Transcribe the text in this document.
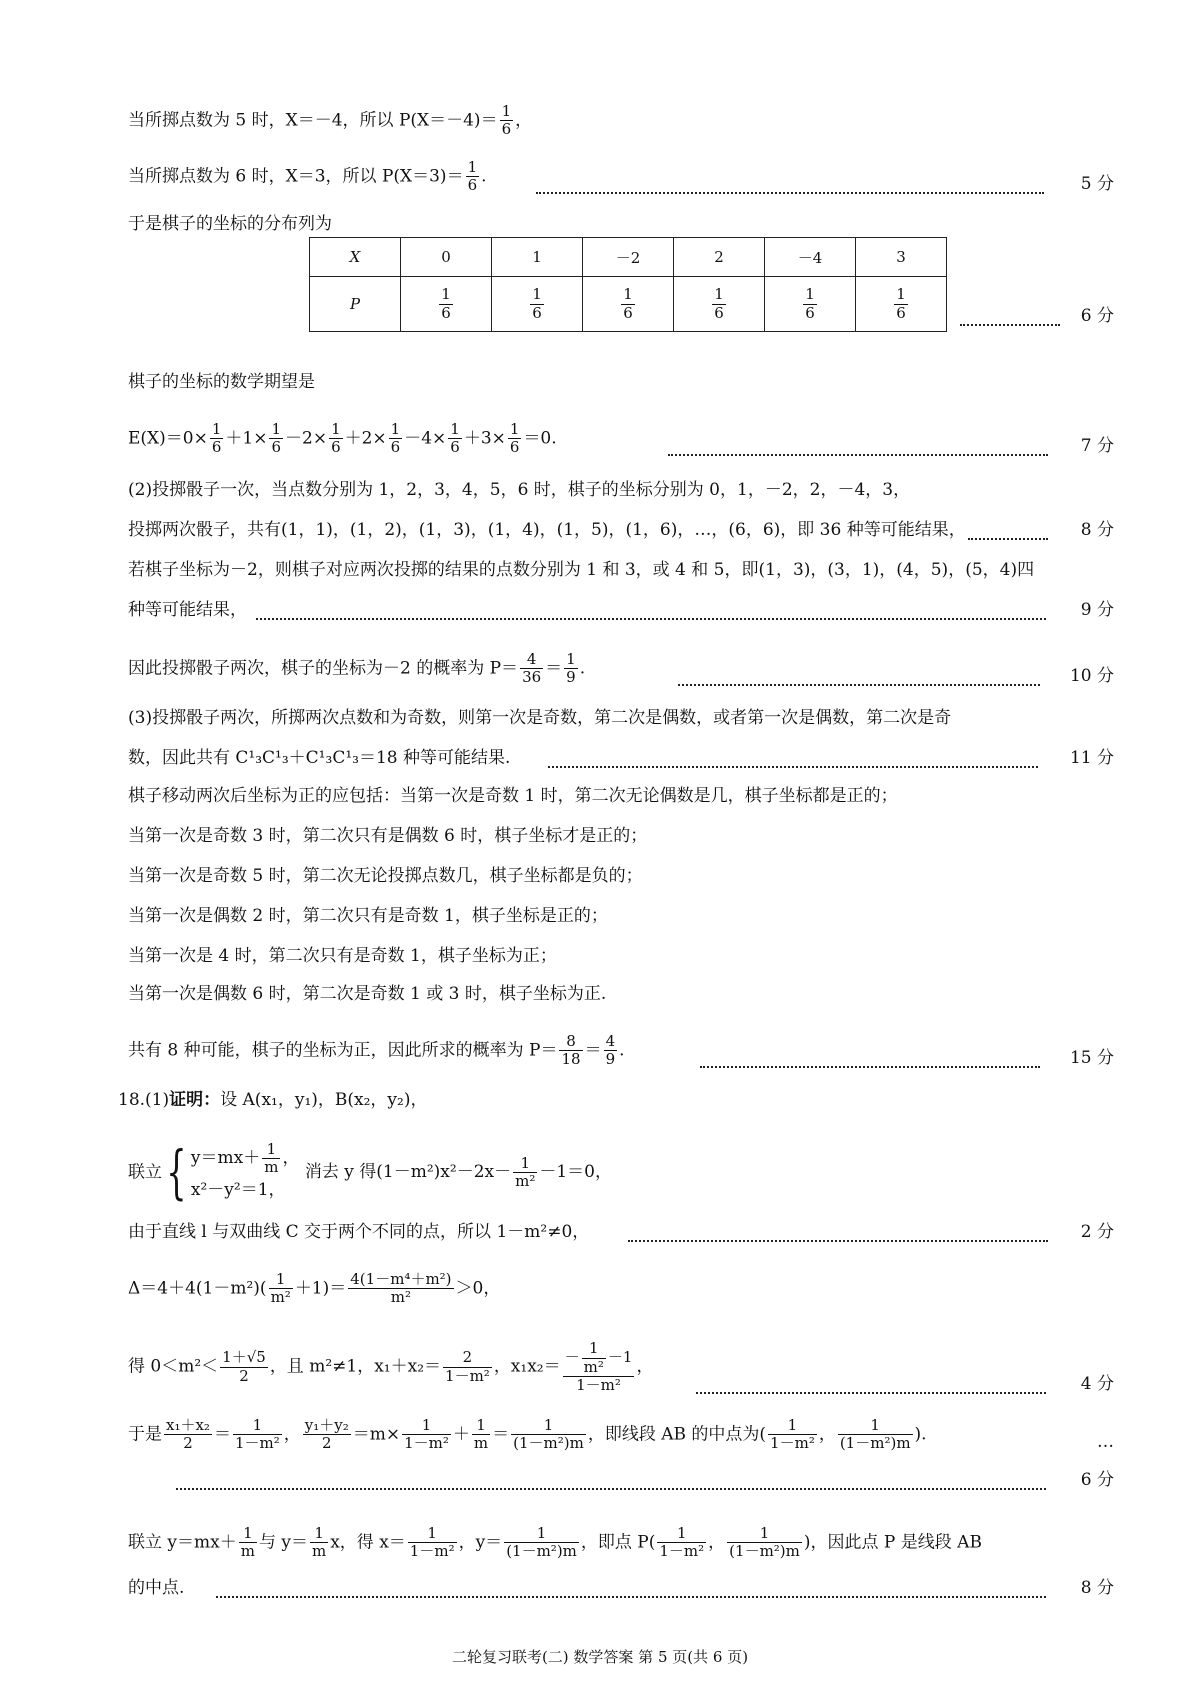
当所掷点数为 5 时，X＝－4，所以 $P(X=-4)= \frac{1}{6}$ ，
当所掷点数为 6 时，X＝3，所以 $P(X=3)= \frac{1}{6}$ .	5 分
于是棋子的坐标的分布列为
X	0	1	－2	2	－4	3
P	$\frac{1}{6}$	$\frac{1}{6}$	$\frac{1}{6}$	$\frac{1}{6}$	$\frac{1}{6}$	$\frac{1}{6}$	6 分
棋子的坐标的数学期望是
$E(X)=0\times \frac{1}{6} +1\times \frac{1}{6} -2\times \frac{1}{6} +2\times \frac{1}{6} -4\times \frac{1}{6} +3\times \frac{1}{6} =0$.	7 分
(2)投掷骰子一次，当点数分别为 1，2，3，4，5，6 时，棋子的坐标分别为 0，1，－2，2，－4，3，
投掷两次骰子，共有(1，1)，(1，2)，(1，3)，(1，4)，(1，5)，(1，6)，…，(6，6)，即 36 种等可能结果，	8 分
若棋子坐标为－2，则棋子对应两次投掷的结果的点数分别为 1 和 3，或 4 和 5，即(1，3)，(3，1)，(4，5)，(5，4)四
种等可能结果，	9 分
因此投掷骰子两次，棋子的坐标为－2 的概率为 $P= \frac{4}{36} = \frac{1}{9}$ .	10 分
(3)投掷骰子两次，所掷两次点数和为奇数，则第一次是奇数，第二次是偶数，或者第一次是偶数，第二次是奇
数，因此共有 C¹₃C¹₃＋C¹₃C¹₃＝18 种等可能结果.	11 分
棋子移动两次后坐标为正的应包括：当第一次是奇数 1 时，第二次无论偶数是几，棋子坐标都是正的；
当第一次是奇数 3 时，第二次只有是偶数 6 时，棋子坐标才是正的；
当第一次是奇数 5 时，第二次无论投掷点数几，棋子坐标都是负的；
当第一次是偶数 2 时，第二次只有是奇数 1，棋子坐标是正的；
当第一次是 4 时，第二次只有是奇数 1，棋子坐标为正；
当第一次是偶数 6 时，第二次是奇数 1 或 3 时，棋子坐标为正.
共有 8 种可能，棋子的坐标为正，因此所求的概率为 $P= \frac{8}{18} = \frac{4}{9}$ .	15 分
18.(1)证明：设 A(x₁，y₁)，B(x₂，y₂)，
联立{ $y=mx+ \frac{1}{m}$ ，
x²－y²＝1， 消去 y 得$(1-m^2)x^2-2x- \frac{1}{\text{m²}} -1=0$，
由于直线 l 与双曲线 C 交于两个不同的点，所以 1－m²≠0，	2 分
$\Delta=4+4(1-m^2)( \frac{1}{\text{m²}} +1)= \frac{\text{4(1－m⁴＋m²)}}{\text{m²}} >0$，
得 $0<m^2< \frac{1+√5}{2}$ ，且 m²≠1，$x_1+x_2= \frac{2}{\text{1－m²}}$ ，$x_1x_2= \frac{- \frac{1}{\text{m²}} -1}{\text{1－m²}}$ ，
4 分
于是 $\frac{\text{x₁＋x₂}}{2} = \frac{1}{\text{1－m²}}$ ， $\frac{\text{y₁＋y₂}}{2} =m\times \frac{1}{\text{1－m²}} + \frac{1}{m} = \frac{1}{\text{(1－m²)m}}$ ，即线段 AB 的中点为( $\frac{1}{\text{1－m²}}$ ， $\frac{1}{\text{(1－m²)m}}$ ).	…
6 分
联立 $y=mx+ \frac{1}{m}$ 与 $y= \frac{1}{m}$ x，得 $x= \frac{1}{\text{1－m²}}$ ，$y= \frac{1}{\text{(1－m²)m}}$ ，即点 $P( \frac{1}{\text{1－m²}}$ ， $\frac{1}{\text{(1－m²)m}}$ )，因此点 P 是线段 AB
的中点.	8 分
二轮复习联考(二) 数学答案 第 5 页(共 6 页)
